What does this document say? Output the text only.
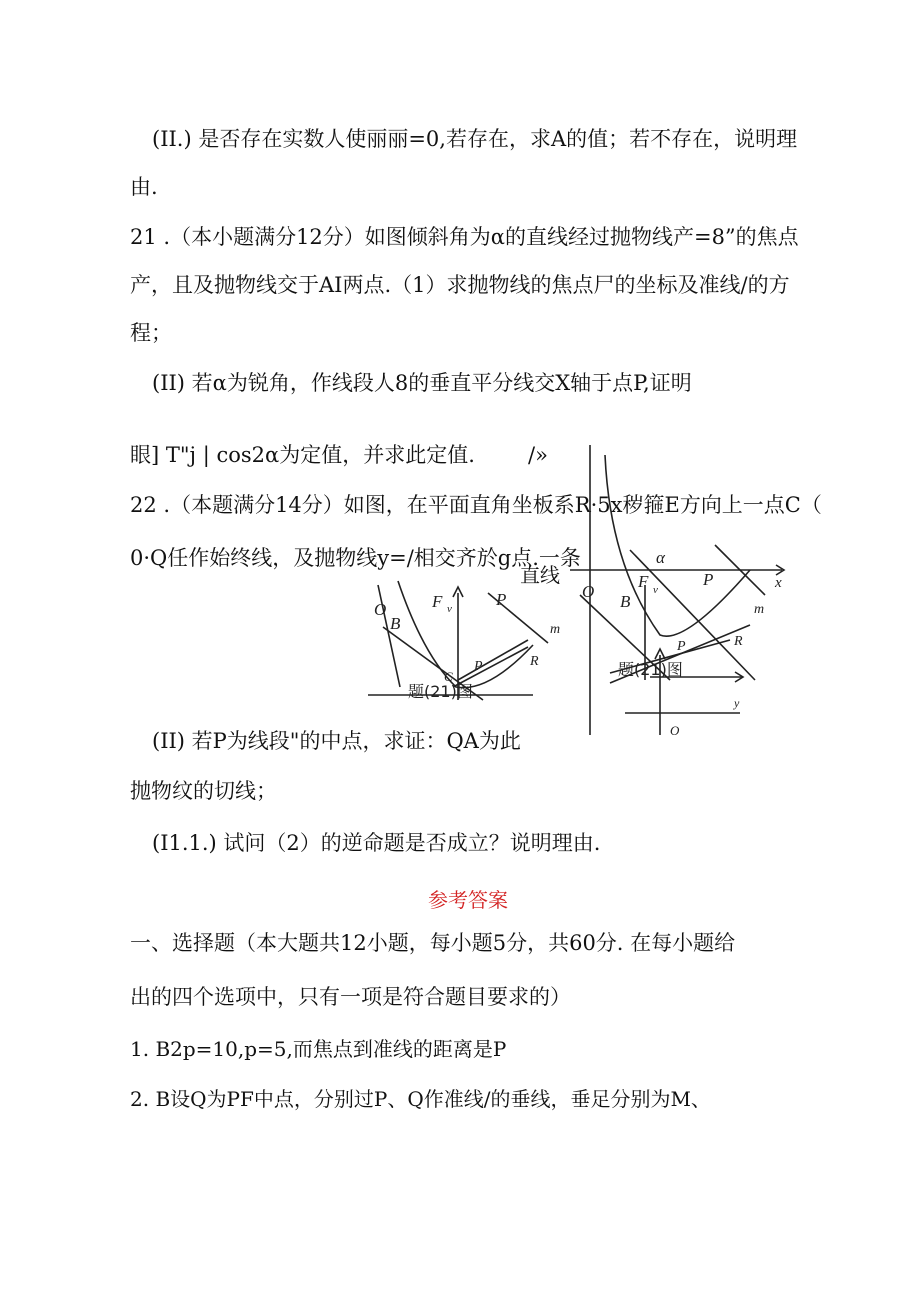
(II.) 是否存在实数人使丽丽=0,若存在，求A的值；若不存在，说明理
由.
21 .（本小题满分12分）如图倾斜角为α的直线经过抛物线产=8”的焦点
产，且及抛物线交于AI两点.（1）求抛物线的焦点尸的坐标及准线/的方
程；
(II) 若α为锐角，作线段人8的垂直平分线交X轴于点P,证明
眼] T"j | cos2α为定值，并求此定值.	/»
22 .（本题满分14分）如图，在平面直角坐板系R·5x秽箍E方向上一点C（
0·Q任作始终线，及抛物线y=/相交齐於g点.一条
直线
O
B
F v	P
m
R
P
C
题(21)图
α
x
O
B
F v
P
m
R
P
y
O
题(21)图
(II) 若P为线段"的中点，求证：QA为此
抛物纹的切线；
(I1.1.) 试问（2）的逆命题是否成立？说明理由.
参考答案
一、选择题（本大题共12小题，每小题5分，共60分. 在每小题给
出的四个选项中，只有一项是符合题目要求的）
1. B2p=10,p=5,而焦点到准线的距离是P
2. B设Q为PF中点，分别过P、Q作准线/的垂线，垂足分别为M、
